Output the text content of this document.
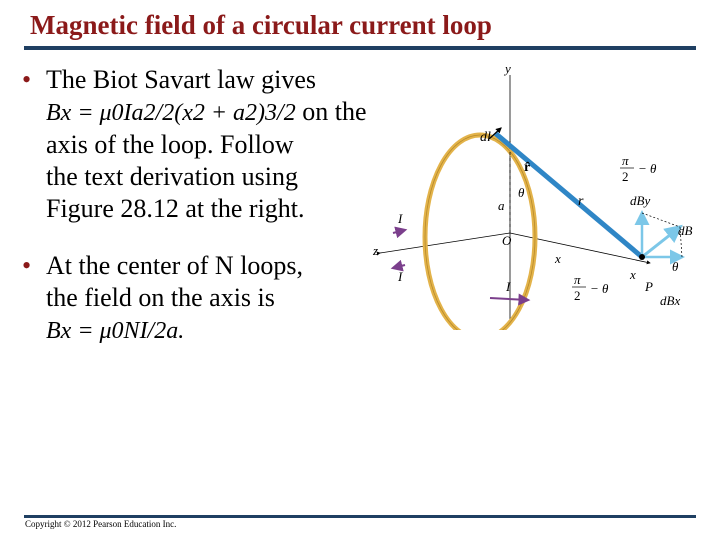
Magnetic field of a circular current loop
• The Biot Savart law gives
Bx = μ0Ia2/2(x2 + a2)3/2 on the
axis of the loop. Follow
the text derivation using
Figure 28.12 at the right.
• At the center of N loops,
the field on the axis is
Bx = μ0NI/2a.
y
z
x
x
O
a
θ
dl
r̂
r	dBy
dB
dBx
P
I
I
I
θ
π
2
− θ
π
2 − θ
Copyright © 2012 Pearson Education Inc.
